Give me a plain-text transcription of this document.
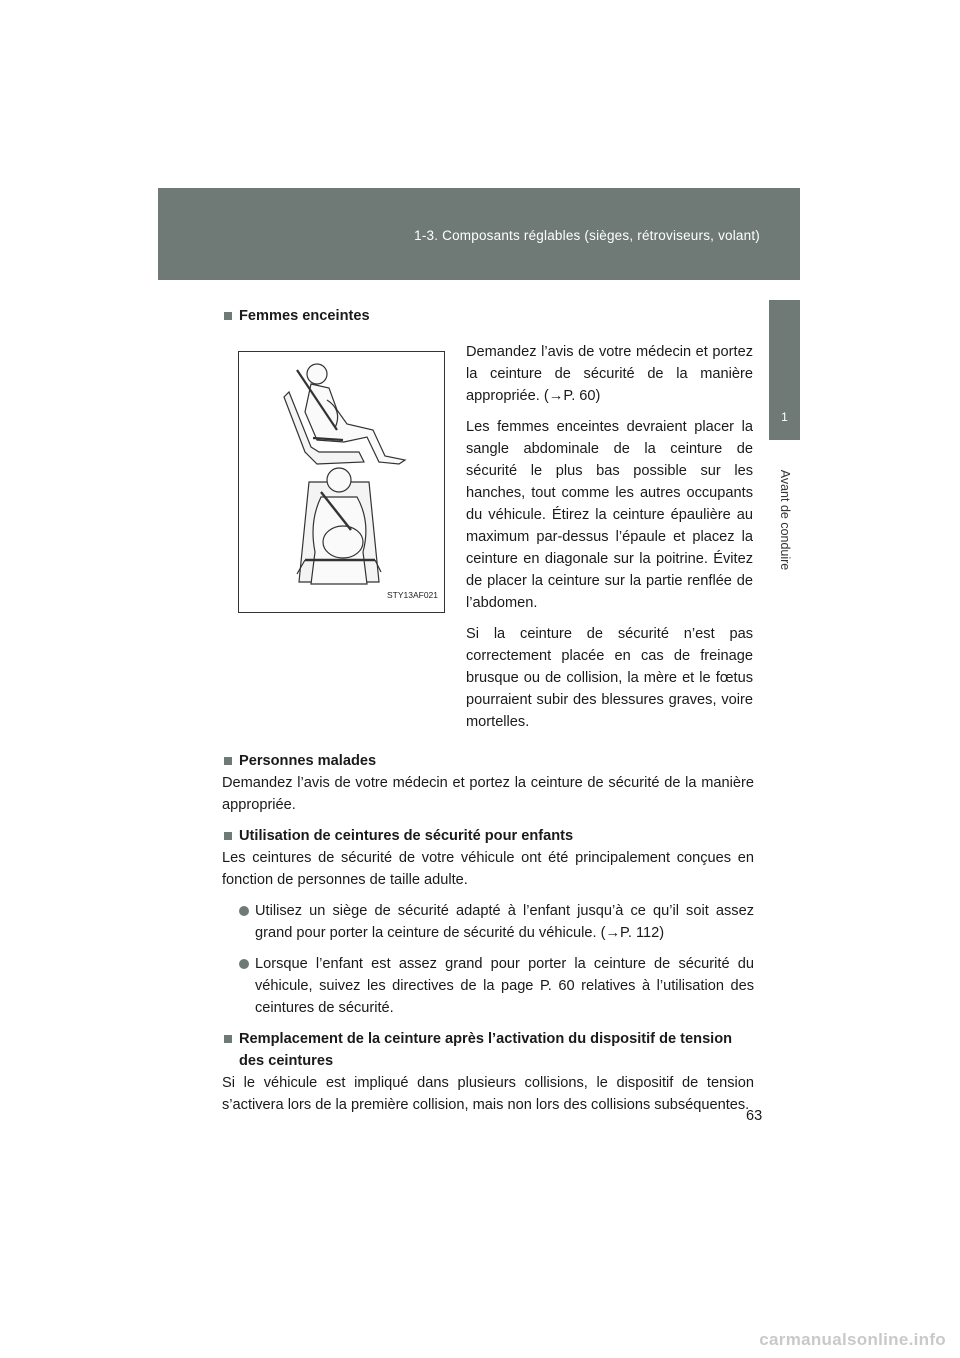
1-3. Composants réglables (sièges, rétroviseurs, volant)
1
Avant de conduire
Femmes enceintes
STY13AF021

Demandez l’avis de votre médecin et portez la ceinture de sécurité de la manière appropriée. (→P. 60)

Les femmes enceintes devraient placer la sangle abdominale de la ceinture de sécurité le plus bas possible sur les hanches, tout comme les autres occupants du véhicule. Étirez la ceinture épaulière au maximum par-dessus l’épaule et placez la ceinture en diagonale sur la poitrine. Évitez de placer la ceinture sur la partie renflée de l’abdomen.

Si la ceinture de sécurité n’est pas correctement placée en cas de freinage brusque ou de collision, la mère et le fœtus pourraient subir des blessures graves, voire mortelles.

Personnes malades

Demandez l’avis de votre médecin et portez la ceinture de sécurité de la manière appropriée.

Utilisation de ceintures de sécurité pour enfants

Les ceintures de sécurité de votre véhicule ont été principalement conçues en fonction de personnes de taille adulte.

Utilisez un siège de sécurité adapté à l’enfant jusqu’à ce qu’il soit assez grand pour porter la ceinture de sécurité du véhicule. (→P. 112)
Lorsque l’enfant est assez grand pour porter la ceinture de sécurité du véhicule, suivez les directives de la page P. 60 relatives à l’utilisation des ceintures de sécurité.
Remplacement de la ceinture après l’activation du dispositif de tension des ceintures

Si le véhicule est impliqué dans plusieurs collisions, le dispositif de tension s’activera lors de la première collision, mais non lors des collisions subséquentes.

63
carmanualsonline.info
